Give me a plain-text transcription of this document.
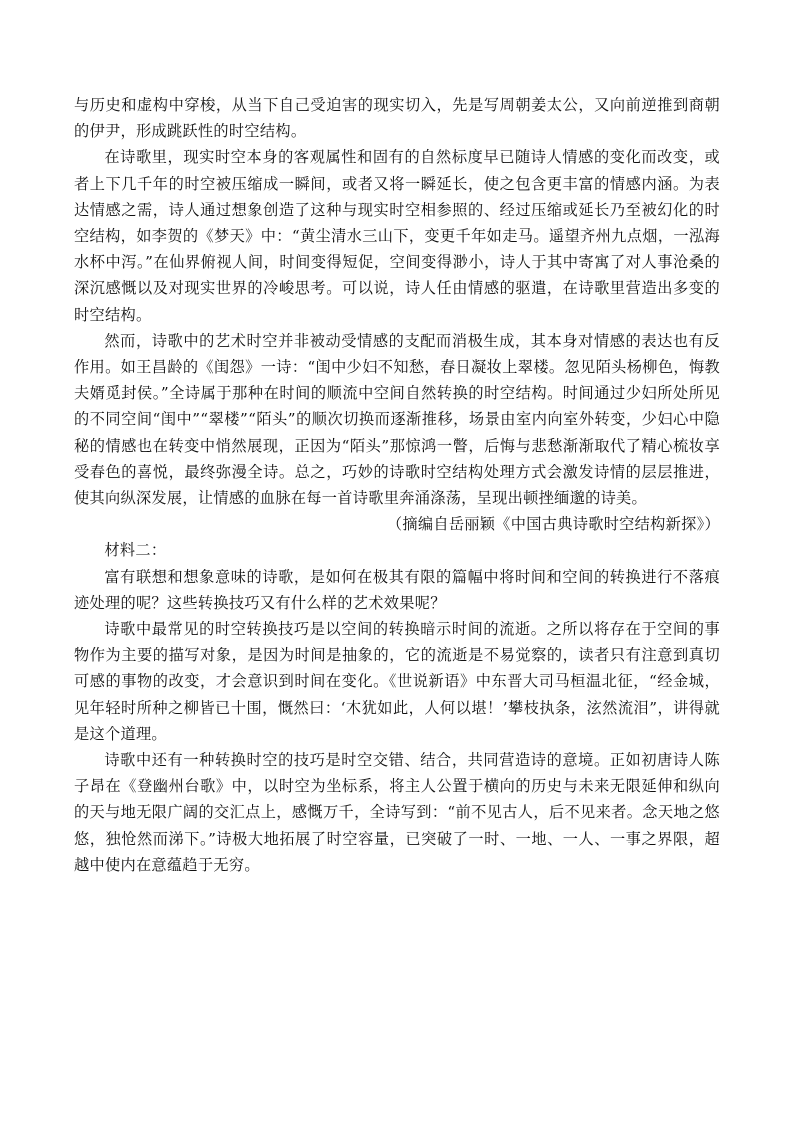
与历史和虚构中穿梭，从当下自己受迫害的现实切入，先是写周朝姜太公，又向前逆推到商朝的伊尹，形成跳跃性的时空结构。

在诗歌里，现实时空本身的客观属性和固有的自然标度早已随诗人情感的变化而改变，或者上下几千年的时空被压缩成一瞬间，或者又将一瞬延长，使之包含更丰富的情感内涵。为表达情感之需，诗人通过想象创造了这种与现实时空相参照的、经过压缩或延长乃至被幻化的时空结构，如李贺的《梦天》中：“黄尘清水三山下，变更千年如走马。遥望齐州九点烟，一泓海水杯中泻。”在仙界俯视人间，时间变得短促，空间变得渺小，诗人于其中寄寓了对人事沧桑的深沉感慨以及对现实世界的冷峻思考。可以说，诗人任由情感的驱遣，在诗歌里营造出多变的时空结构。

然而，诗歌中的艺术时空并非被动受情感的支配而消极生成，其本身对情感的表达也有反作用。如王昌龄的《闺怨》一诗：“闺中少妇不知愁，春日凝妆上翠楼。忽见陌头杨柳色，悔教夫婿觅封侯。”全诗属于那种在时间的顺流中空间自然转换的时空结构。时间通过少妇所处所见的不同空间“闺中”“翠楼”“陌头”的顺次切换而逐渐推移，场景由室内向室外转变，少妇心中隐秘的情感也在转变中悄然展现，正因为“陌头”那惊鸿一瞥，后悔与悲愁渐渐取代了精心梳妆享受春色的喜悦，最终弥漫全诗。总之，巧妙的诗歌时空结构处理方式会激发诗情的层层推进，使其向纵深发展，让情感的血脉在每一首诗歌里奔涌涤荡，呈现出顿挫缅邈的诗美。

（摘编自岳丽颖《中国古典诗歌时空结构新探》）

材料二：

富有联想和想象意味的诗歌，是如何在极其有限的篇幅中将时间和空间的转换进行不落痕迹处理的呢？这些转换技巧又有什么样的艺术效果呢？

诗歌中最常见的时空转换技巧是以空间的转换暗示时间的流逝。之所以将存在于空间的事物作为主要的描写对象，是因为时间是抽象的，它的流逝是不易觉察的，读者只有注意到真切可感的事物的改变，才会意识到时间在变化。《世说新语》中东晋大司马桓温北征，“经金城，见年轻时所种之柳皆已十围，慨然曰：‘木犹如此，人何以堪！’攀枝执条，泫然流泪”，讲得就是这个道理。

诗歌中还有一种转换时空的技巧是时空交错、结合，共同营造诗的意境。正如初唐诗人陈子昂在《登幽州台歌》中，以时空为坐标系，将主人公置于横向的历史与未来无限延伸和纵向的天与地无限广阔的交汇点上，感慨万千，全诗写到：“前不见古人，后不见来者。念天地之悠悠，独怆然而涕下。”诗极大地拓展了时空容量，已突破了一时、一地、一人、一事之界限，超越中使内在意蕴趋于无穷。
